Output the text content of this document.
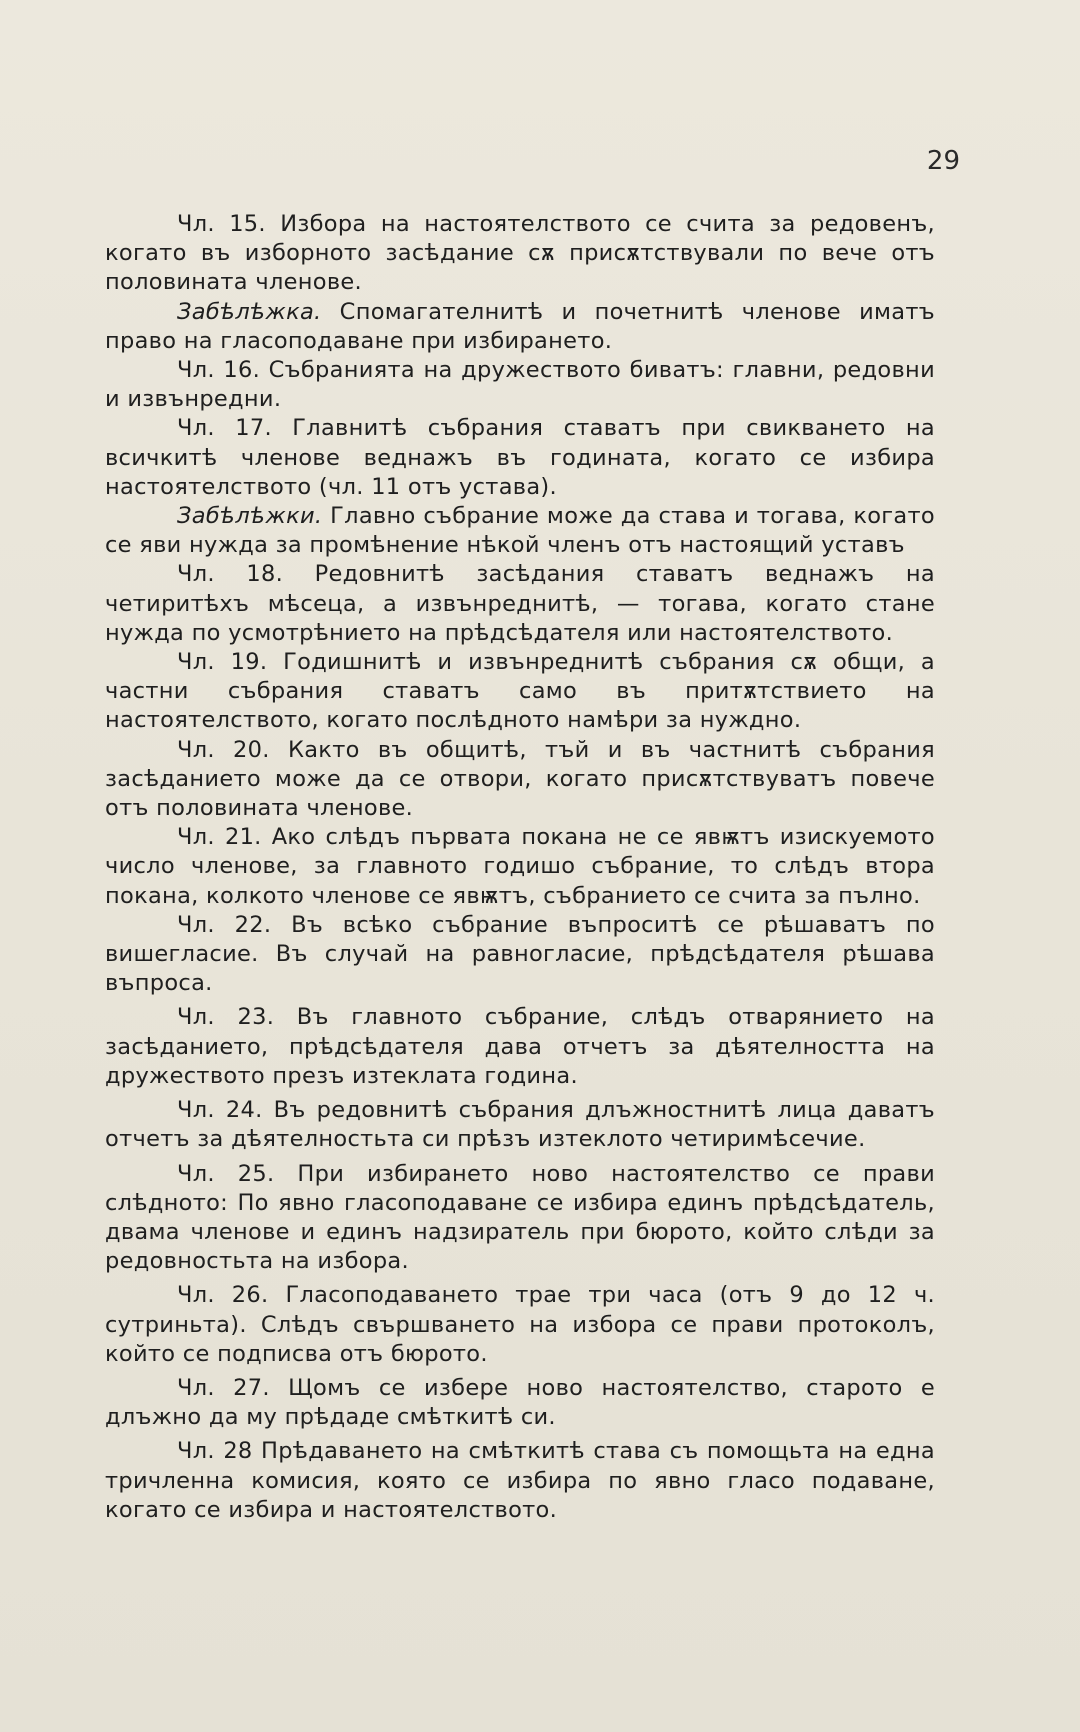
29

Чл. 15. Избора на настоятелството се счита за редовенъ, когато въ изборното засѣдание сѫ присѫтствували по вече отъ половината членове.

Забѣлѣжка. Спомагателнитѣ и почетнитѣ членове иматъ право на гласоподаване при избирането.

Чл. 16. Събранията на дружеството биватъ: главни, редовни и извънредни.

Чл. 17. Главнитѣ събрания ставатъ при свикването на всичкитѣ членове веднажъ въ годината, когато се избира настоятелството (чл. 11 отъ устава).

Забѣлѣжки. Главно събрание може да става и тогава, когато се яви нужда за промѣнение нѣкой членъ отъ настоящий уставъ

Чл. 18. Редовнитѣ засѣдания ставатъ веднажъ на четиритѣхъ мѣсеца, а извънреднитѣ, — тогава, когато стане нужда по усмотрѣнието на прѣдсѣдателя или настоятелството.

Чл. 19. Годишнитѣ и извънреднитѣ събрания сѫ общи, а частни събрания ставатъ само въ притѫтствието на настоятелството, когато послѣдното намѣри за нуждно.

Чл. 20. Както въ общитѣ, тъй и въ частнитѣ събрания засѣданието може да се отвори, когато присѫтствуватъ повече отъ половината членове.

Чл. 21. Ако слѣдъ първата покана не се явѭтъ изискуемото число членове, за главното годишо събрание, то слѣдъ втора покана, колкото членове се явѭтъ, събранието се счита за пълно.

Чл. 22. Въ всѣко събрание въпроситѣ се рѣшаватъ по вишегласие. Въ случай на равногласие, прѣдсѣдателя рѣшава въпроса.

Чл. 23. Въ главното събрание, слѣдъ отварянието на засѣданието, прѣдсѣдателя дава отчетъ за дѣятелността на дружеството презъ изтеклата година.

Чл. 24. Въ редовнитѣ събрания длъжностнитѣ лица даватъ отчетъ за дѣятелностьта си прѣзъ изтеклото четиримѣсечие.

Чл. 25. При избирането ново настоятелство се прави слѣдното: По явно гласоподаване се избира единъ прѣдсѣдатель, двама членове и единъ надзиратель при бюрото, който слѣди за редовностьта на избора.

Чл. 26. Гласоподаването трае три часа (отъ 9 до 12 ч. сутриньта). Слѣдъ свършването на избора се прави протоколъ, който се подписва отъ бюрото.

Чл. 27. Щомъ се избере ново настоятелство, старото е длъжно да му прѣдаде смѣткитѣ си.

Чл. 28 Прѣдаването на смѣткитѣ става съ помощьта на една тричленна комисия, която се избира по явно гласо подаване, когато се избира и настоятелството.
